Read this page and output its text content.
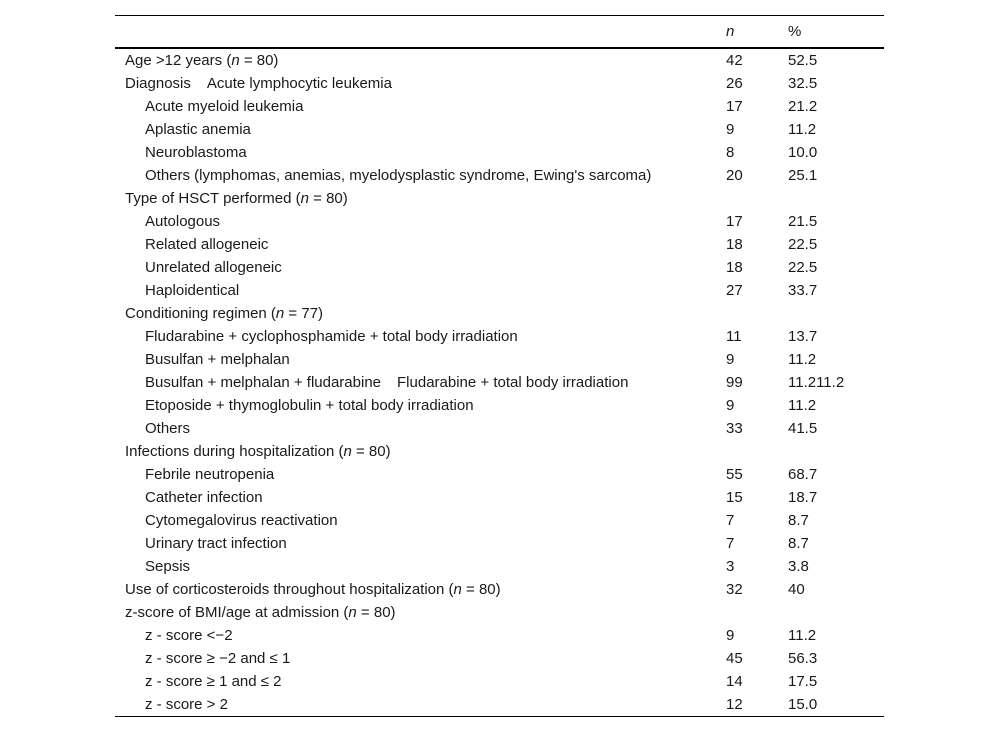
	n	%
Age >12 years (n = 80)	42	52.5
Diagnosis Acute lymphocytic leukemia	26	32.5
Acute myeloid leukemia	17	21.2
Aplastic anemia	9	11.2
Neuroblastoma	8	10.0
Others (lymphomas, anemias, myelodysplastic syndrome, Ewing's sarcoma)	20	25.1
Type of HSCT performed (n = 80)		
Autologous	17	21.5
Related allogeneic	18	22.5
Unrelated allogeneic	18	22.5
Haploidentical	27	33.7
Conditioning regimen (n = 77)		
Fludarabine + cyclophosphamide + total body irradiation	11	13.7
Busulfan + melphalan	9	11.2
Busulfan + melphalan + fludarabine Fludarabine + total body irradiation	99	11.211.2
Etoposide + thymoglobulin + total body irradiation	9	11.2
Others	33	41.5
Infections during hospitalization (n = 80)		
Febrile neutropenia	55	68.7
Catheter infection	15	18.7
Cytomegalovirus reactivation	7	8.7
Urinary tract infection	7	8.7
Sepsis	3	3.8
Use of corticosteroids throughout hospitalization (n = 80)	32	40
z-score of BMI/age at admission (n = 80)		
z - score <−2	9	11.2
z - score ≥ −2 and ≤ 1	45	56.3
z - score ≥ 1 and ≤ 2	14	17.5
z - score > 2	12	15.0
